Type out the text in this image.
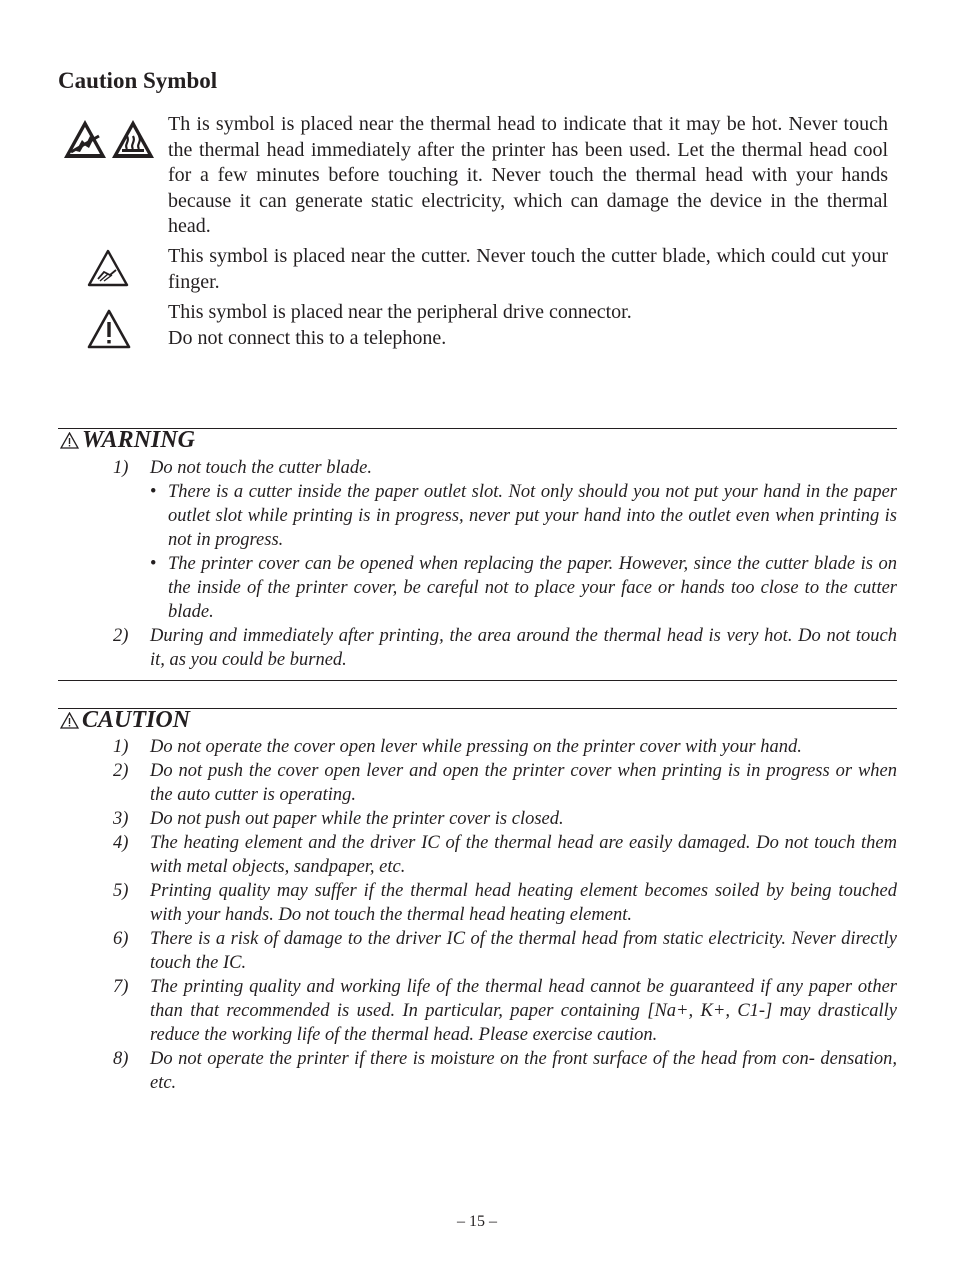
Caution Symbol

Th is symbol is placed near the thermal head to indicate that it may be hot. Never touch the thermal head immediately after the printer has been used. Let the thermal head cool for a few minutes before touching it. Never touch the thermal head with your hands because it can generate static electricity, which can damage the device in the thermal head.

This symbol is placed near the cutter. Never touch the cutter blade, which could cut your finger.

This symbol is placed near the peripheral drive connector.
Do not connect this to a telephone.

WARNING
1) Do not touch the cutter blade.
• There is a cutter inside the paper outlet slot. Not only should you not put your hand in the paper outlet slot while printing is in progress, never put your hand into the outlet even when printing is not in progress.
• The printer cover can be opened when replacing the paper. However, since the cutter blade is on the inside of the printer cover, be careful not to place your face or hands too close to the cutter blade.
2) During and immediately after printing, the area around the thermal head is very hot. Do not touch it, as you could be burned.
CAUTION
1) Do not operate the cover open lever while pressing on the printer cover with your hand.
2) Do not push the cover open lever and open the printer cover when printing is in progress or when the auto cutter is operating.
3) Do not push out paper while the printer cover is closed.
4) The heating element and the driver IC of the thermal head are easily damaged. Do not touch them with metal objects, sandpaper, etc.
5) Printing quality may suffer if the thermal head heating element becomes soiled by being touched with your hands. Do not touch the thermal head heating element.
6) There is a risk of damage to the driver IC of the thermal head from static electricity. Never directly touch the IC.
7) The printing quality and working life of the thermal head cannot be guaranteed if any paper other than that recommended is used. In particular, paper containing [Na+, K+, C1-] may drastically reduce the working life of the thermal head. Please exercise caution.
8) Do not operate the printer if there is moisture on the front surface of the head from con- densation, etc.

– 15 –
